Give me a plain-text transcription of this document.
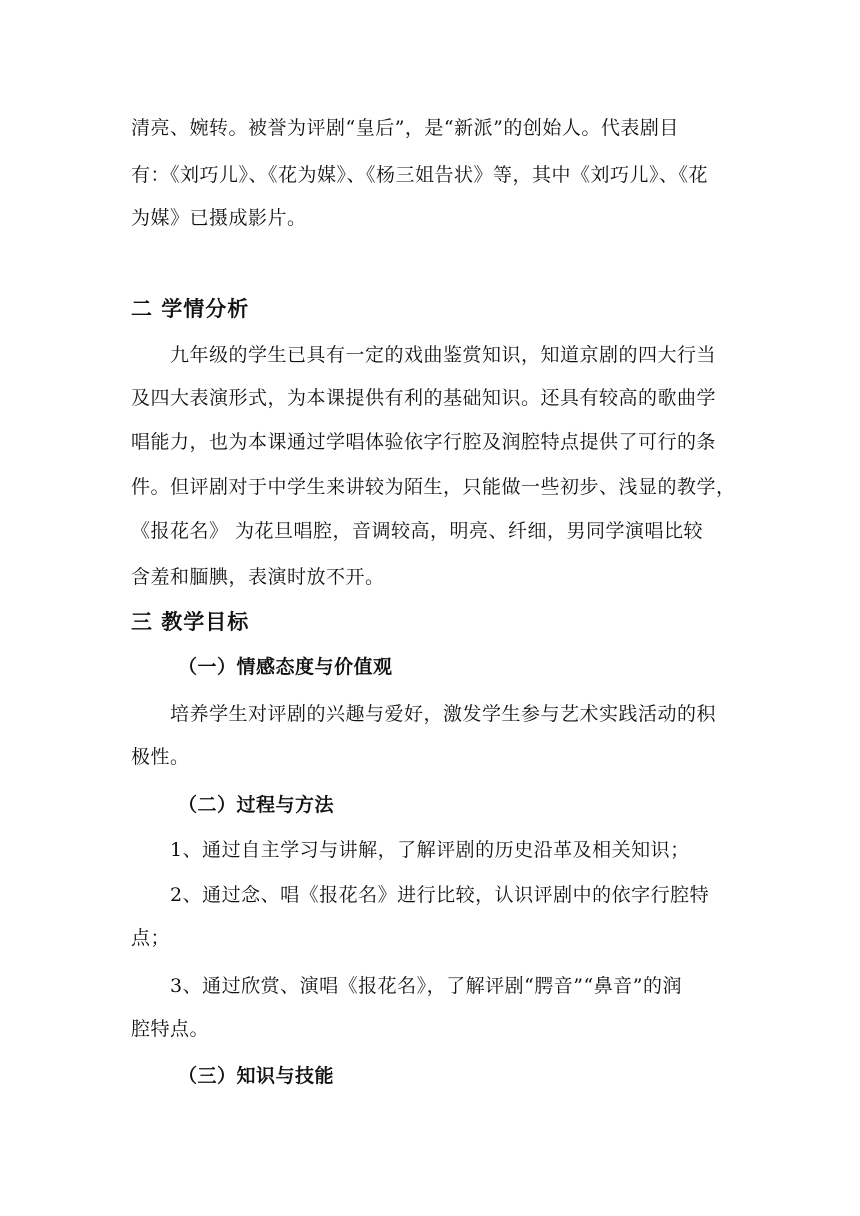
清亮、婉转。被誉为评剧“皇后”，是“新派”的创始人。代表剧目
有：《刘巧儿》、《花为媒》、《杨三姐告状》等，其中《刘巧儿》、《花
为媒》已摄成影片。
二 学情分析
九年级的学生已具有一定的戏曲鉴赏知识，知道京剧的四大行当
及四大表演形式，为本课提供有利的基础知识。还具有较高的歌曲学
唱能力，也为本课通过学唱体验依字行腔及润腔特点提供了可行的条
件。但评剧对于中学生来讲较为陌生，只能做一些初步、浅显的教学，
《报花名》 为花旦唱腔，音调较高，明亮、纤细，男同学演唱比较
含羞和腼腆，表演时放不开。
三 教学目标
（一）情感态度与价值观
培养学生对评剧的兴趣与爱好，激发学生参与艺术实践活动的积
极性。
（二）过程与方法
1、通过自主学习与讲解，了解评剧的历史沿革及相关知识；
2、通过念、唱《报花名》进行比较，认识评剧中的依字行腔特
点；
3、通过欣赏、演唱《报花名》，了解评剧“腭音”“鼻音”的润
腔特点。
（三）知识与技能
